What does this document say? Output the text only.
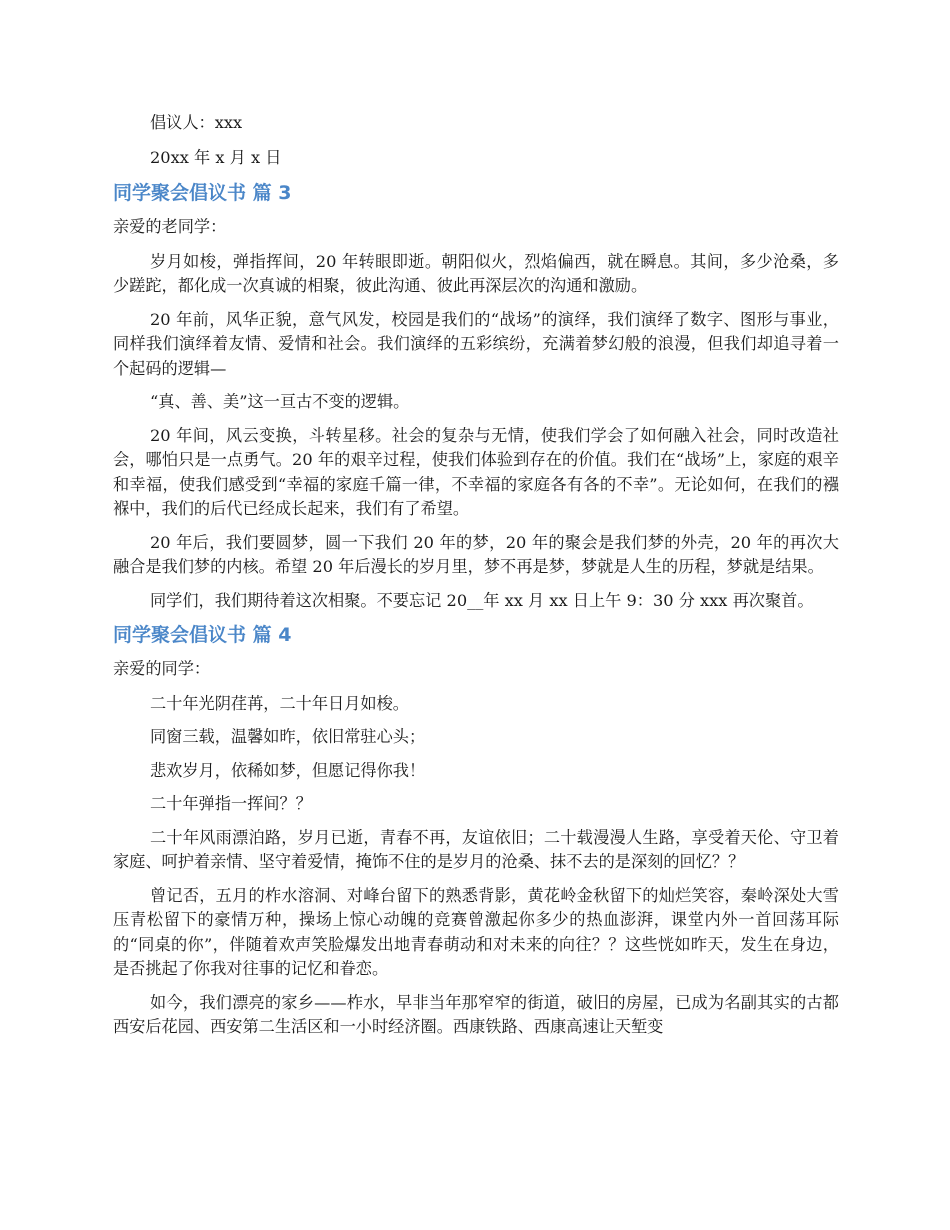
倡议人：xxx

20xx 年 x 月 x 日

同学聚会倡议书 篇 3

亲爱的老同学：

岁月如梭，弹指挥间，20 年转眼即逝。朝阳似火，烈焰偏西，就在瞬息。其间，多少沧桑，多少蹉跎，都化成一次真诚的相聚，彼此沟通、彼此再深层次的沟通和激励。

20 年前，风华正貌，意气风发，校园是我们的“战场”的演绎，我们演绎了数字、图形与事业，同样我们演绎着友情、爱情和社会。我们演绎的五彩缤纷，充满着梦幻般的浪漫，但我们却追寻着一个起码的逻辑—

“真、善、美”这一亘古不变的逻辑。

20 年间，风云变换，斗转星移。社会的复杂与无情，使我们学会了如何融入社会，同时改造社会，哪怕只是一点勇气。20 年的艰辛过程，使我们体验到存在的价值。我们在“战场”上，家庭的艰辛和幸福，使我们感受到“幸福的家庭千篇一律，不幸福的家庭各有各的不幸”。无论如何，在我们的襁褓中，我们的后代已经成长起来，我们有了希望。

20 年后，我们要圆梦，圆一下我们 20 年的梦，20 年的聚会是我们梦的外壳，20 年的再次大融合是我们梦的内核。希望 20 年后漫长的岁月里，梦不再是梦，梦就是人生的历程，梦就是结果。

同学们，我们期待着这次相聚。不要忘记 20__年 xx 月 xx 日上午 9：30 分 xxx 再次聚首。

同学聚会倡议书 篇 4

亲爱的同学：

二十年光阴荏苒，二十年日月如梭。

同窗三载，温馨如昨，依旧常驻心头；

悲欢岁月，依稀如梦，但愿记得你我！

二十年弹指一挥间？？

二十年风雨漂泊路，岁月已逝，青春不再，友谊依旧；二十载漫漫人生路，享受着天伦、守卫着家庭、呵护着亲情、坚守着爱情，掩饰不住的是岁月的沧桑、抹不去的是深刻的回忆？？

曾记否，五月的柞水溶洞、对峰台留下的熟悉背影，黄花岭金秋留下的灿烂笑容，秦岭深处大雪压青松留下的豪情万种，操场上惊心动魄的竞赛曾激起你多少的热血澎湃，课堂内外一首回荡耳际的“同桌的你”，伴随着欢声笑脸爆发出地青春萌动和对未来的向往？？这些恍如昨天，发生在身边，是否挑起了你我对往事的记忆和眷恋。

如今，我们漂亮的家乡——柞水，早非当年那窄窄的街道，破旧的房屋，已成为名副其实的古都西安后花园、西安第二生活区和一小时经济圈。西康铁路、西康高速让天堑变
